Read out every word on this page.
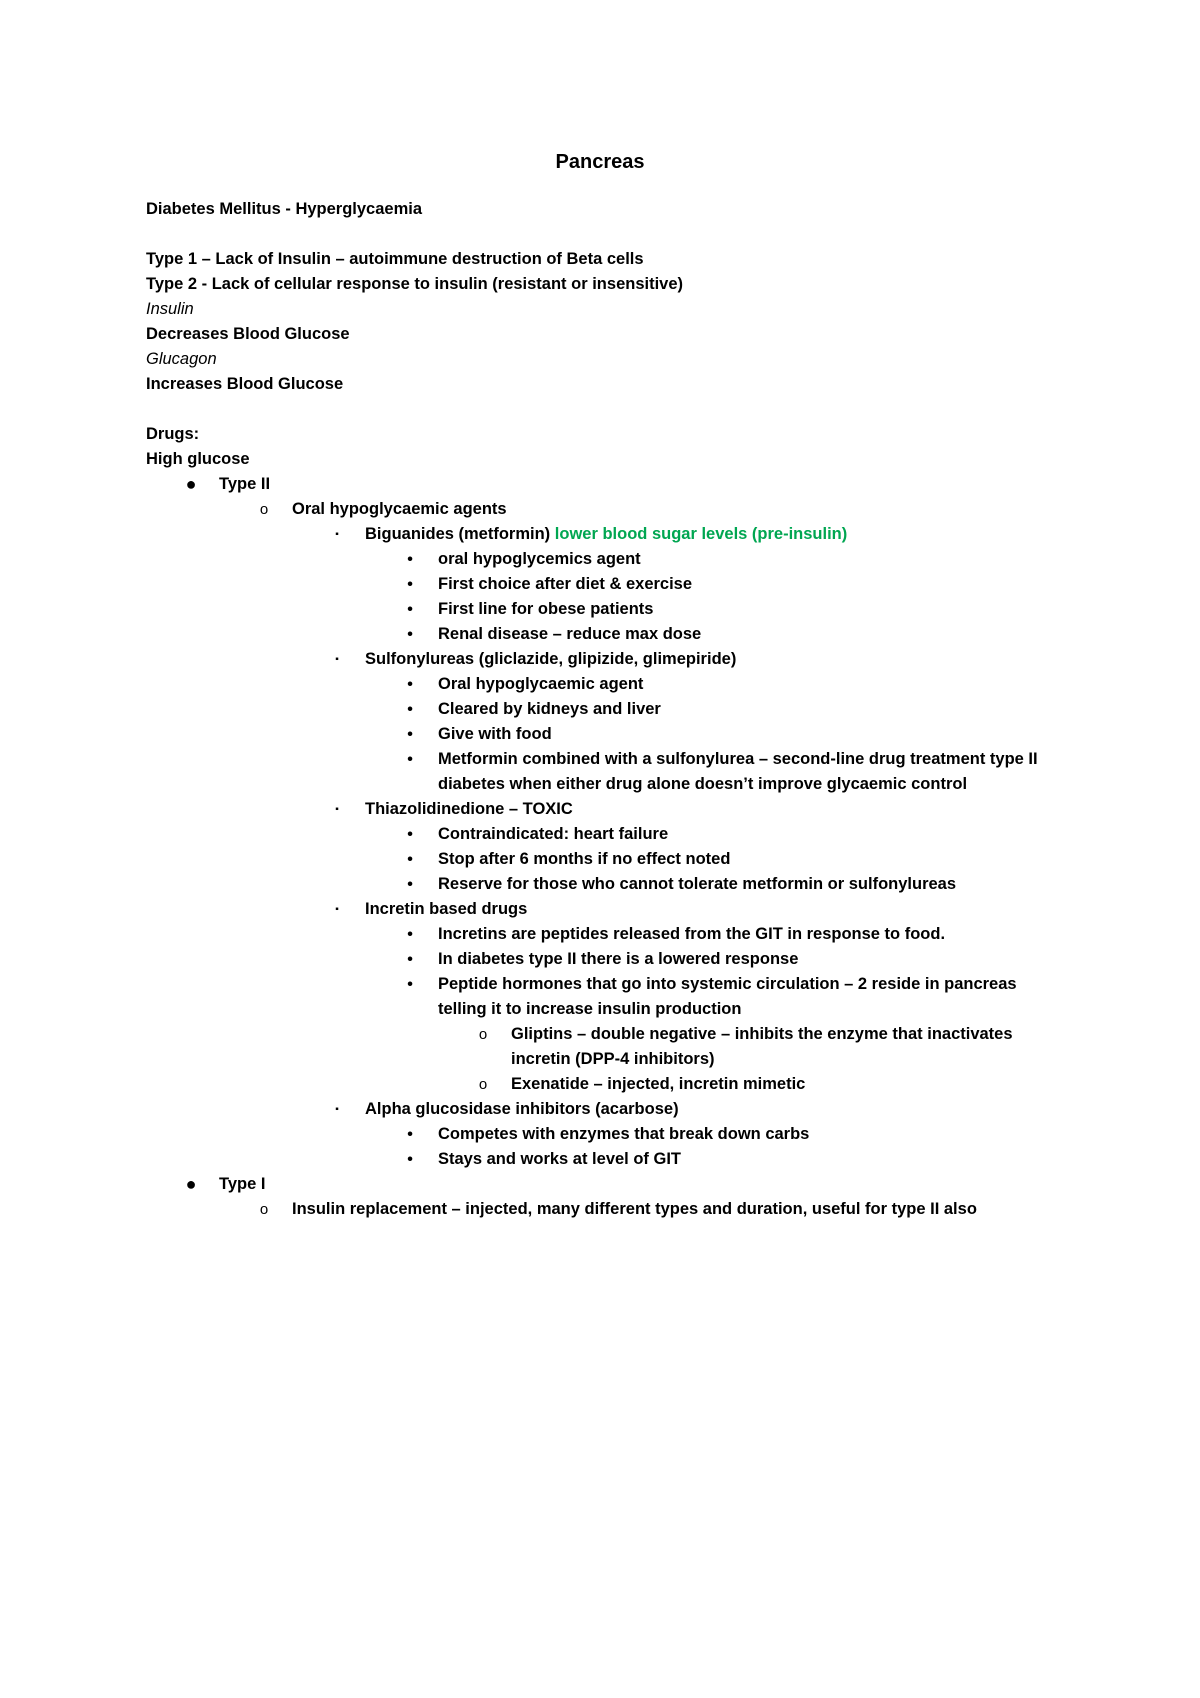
Pancreas
Diabetes Mellitus - Hyperglycaemia
Type 1 – Lack of Insulin – autoimmune destruction of Beta cells
Type 2 - Lack of cellular response to insulin (resistant or insensitive)
Insulin
Decreases Blood Glucose
Glucagon
Increases Blood Glucose
Drugs:
High glucose
● Type II
o Oral hypoglycaemic agents
▪	Biguanides (metformin) lower blood sugar levels (pre-insulin)
• oral hypoglycemics agent
• First choice after diet & exercise
• First line for obese patients
• Renal disease – reduce max dose
▪	Sulfonylureas (gliclazide, glipizide, glimepiride)
• Oral hypoglycaemic agent
• Cleared by kidneys and liver
• Give with food
• Metformin combined with a sulfonylurea – second-line drug treatment type II diabetes when either drug alone doesn’t improve glycaemic control
▪	Thiazolidinedione – TOXIC
• Contraindicated: heart failure
• Stop after 6 months if no effect noted
• Reserve for those who cannot tolerate metformin or sulfonylureas
▪	Incretin based drugs
• Incretins are peptides released from the GIT in response to food.
• In diabetes type II there is a lowered response
• Peptide hormones that go into systemic circulation – 2 reside in pancreas telling it to increase insulin production
o Gliptins – double negative – inhibits the enzyme that inactivates incretin (DPP-4 inhibitors)
o Exenatide – injected, incretin mimetic
▪	Alpha glucosidase inhibitors (acarbose)
• Competes with enzymes that break down carbs
• Stays and works at level of GIT
● Type I
o Insulin replacement – injected, many different types and duration, useful for type II also
